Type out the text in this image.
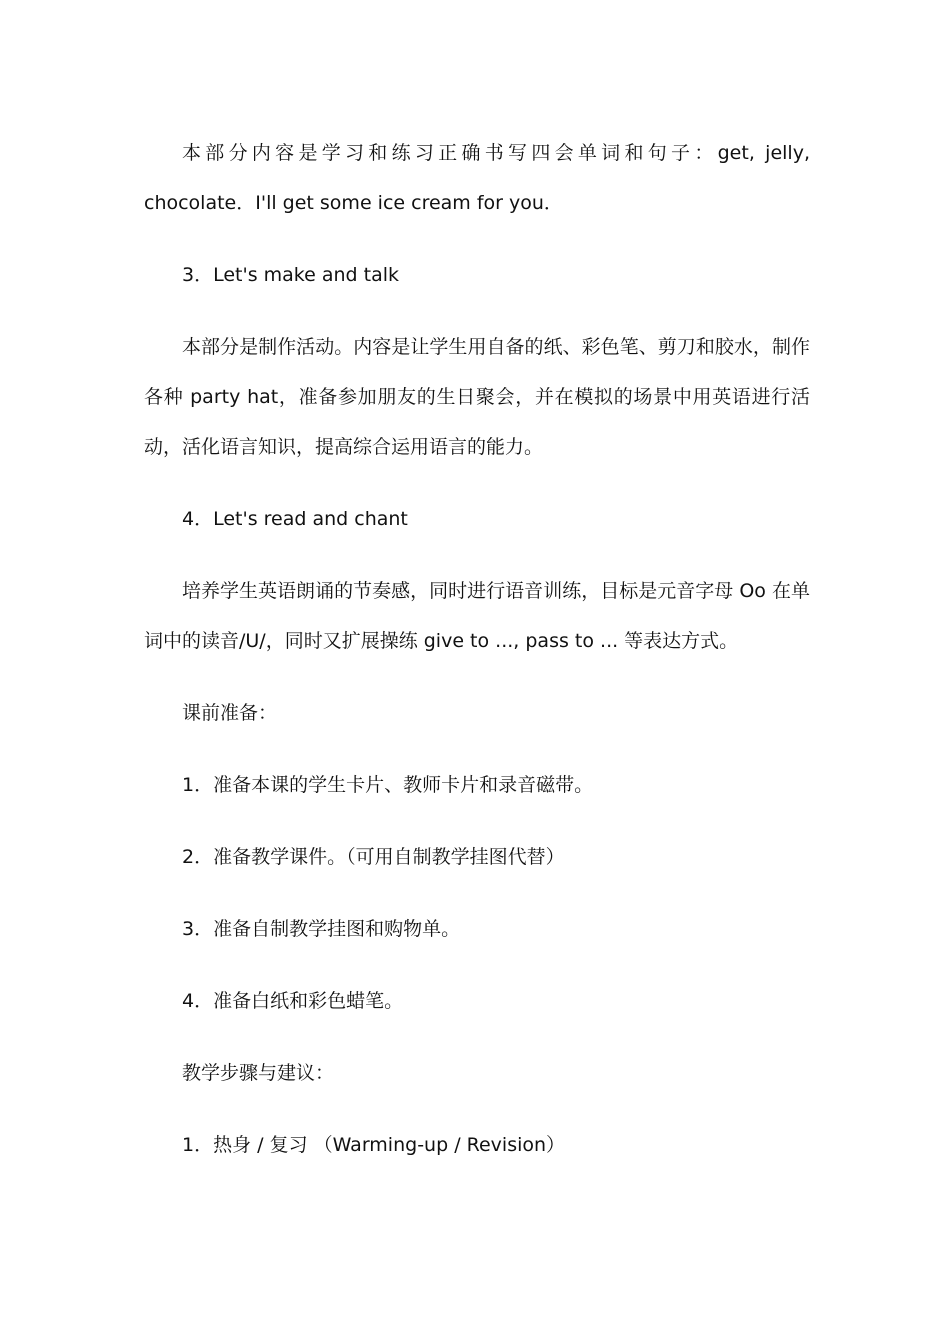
本部分内容是学习和练习正确书写四会单词和句子：get, jelly, chocolate．I'll get some ice cream for you．

3．Let's make and talk

本部分是制作活动。内容是让学生用自备的纸、彩色笔、剪刀和胶水，制作各种 party hat，准备参加朋友的生日聚会，并在模拟的场景中用英语进行活动，活化语言知识，提高综合运用语言的能力。

4．Let's read and chant

培养学生英语朗诵的节奏感，同时进行语音训练，目标是元音字母 Oo 在单词中的读音/U/，同时又扩展操练 give to ..., pass to ... 等表达方式。

课前准备：

1．准备本课的学生卡片、教师卡片和录音磁带。

2．准备教学课件。（可用自制教学挂图代替）

3．准备自制教学挂图和购物单。

4．准备白纸和彩色蜡笔。

教学步骤与建议：

1．热身 / 复习 （Warming-up / Revision）
